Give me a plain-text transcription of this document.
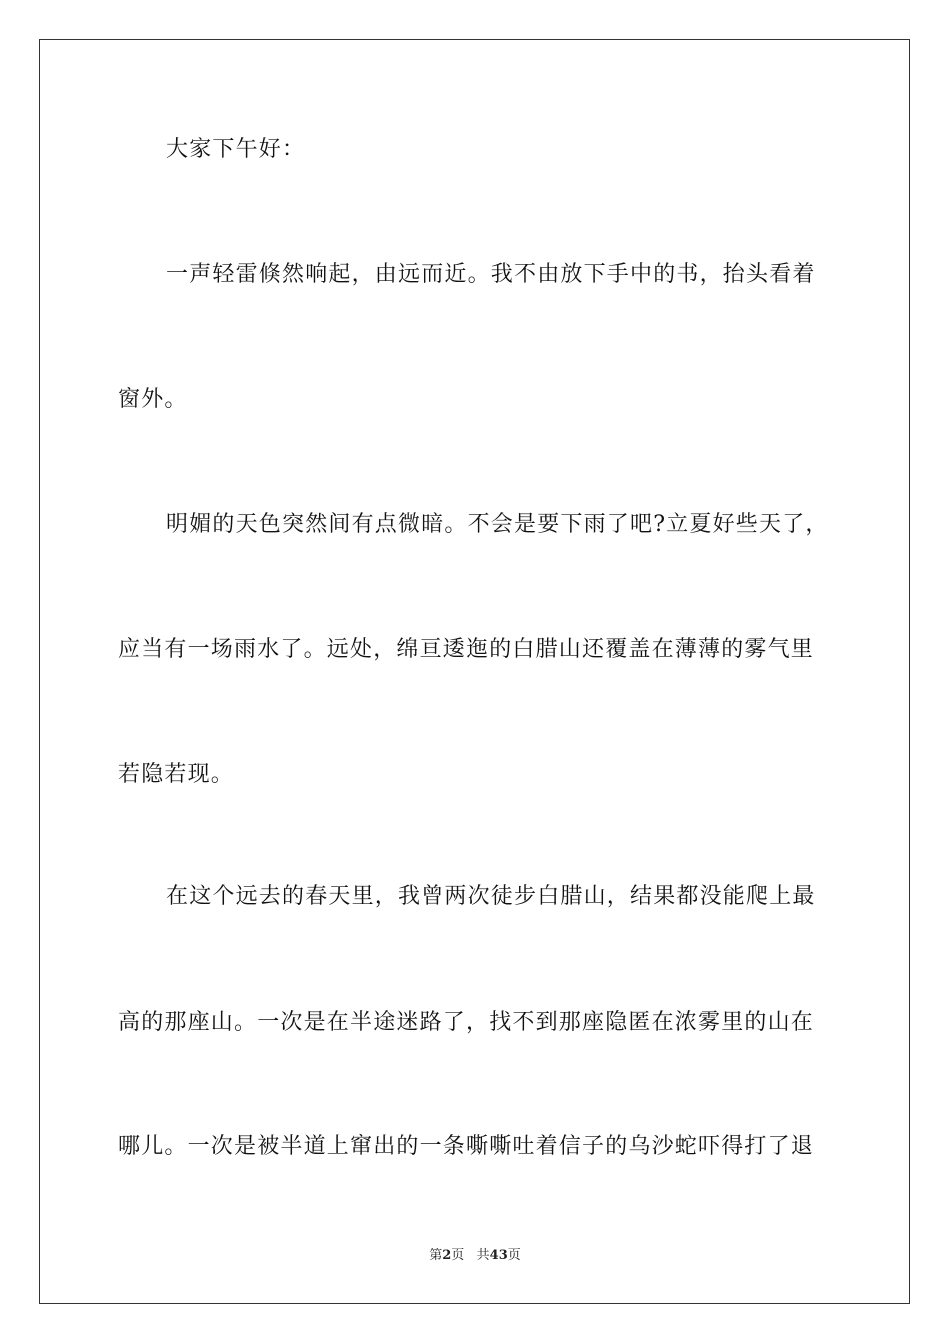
大家下午好：
一声轻雷倏然响起，由远而近。我不由放下手中的书，抬头看着
窗外。
明媚的天色突然间有点微暗。不会是要下雨了吧?立夏好些天了，
应当有一场雨水了。远处，绵亘逶迤的白腊山还覆盖在薄薄的雾气里
若隐若现。
在这个远去的春天里，我曾两次徒步白腊山，结果都没能爬上最
高的那座山。一次是在半途迷路了，找不到那座隐匿在浓雾里的山在
哪儿。一次是被半道上窜出的一条嘶嘶吐着信子的乌沙蛇吓得打了退
第2页   共43页
